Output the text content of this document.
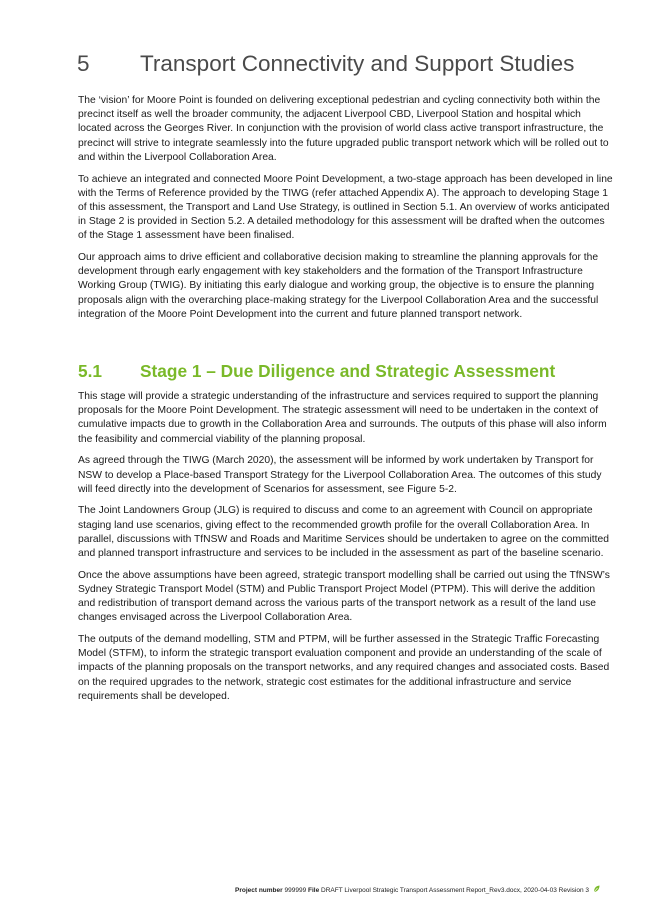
5 Transport Connectivity and Support Studies

The ‘vision’ for Moore Point is founded on delivering exceptional pedestrian and cycling connectivity both within the precinct itself as well the broader community, the adjacent Liverpool CBD, Liverpool Station and hospital which located across the Georges River. In conjunction with the provision of world class active transport infrastructure, the precinct will strive to integrate seamlessly into the future upgraded public transport network which will be rolled out to and within the Liverpool Collaboration Area.

To achieve an integrated and connected Moore Point Development, a two-stage approach has been developed in line with the Terms of Reference provided by the TIWG (refer attached Appendix A). The approach to developing Stage 1 of this assessment, the Transport and Land Use Strategy, is outlined in Section 5.1. An overview of works anticipated in Stage 2 is provided in Section 5.2. A detailed methodology for this assessment will be drafted when the outcomes of the Stage 1 assessment have been finalised.

Our approach aims to drive efficient and collaborative decision making to streamline the planning approvals for the development through early engagement with key stakeholders and the formation of the Transport Infrastructure Working Group (TWIG). By initiating this early dialogue and working group, the objective is to ensure the planning proposals align with the overarching place-making strategy for the Liverpool Collaboration Area and the successful integration of the Moore Point Development into the current and future planned transport network.

5.1 Stage 1 – Due Diligence and Strategic Assessment

This stage will provide a strategic understanding of the infrastructure and services required to support the planning proposals for the Moore Point Development. The strategic assessment will need to be undertaken in the context of cumulative impacts due to growth in the Collaboration Area and surrounds. The outputs of this phase will also inform the feasibility and commercial viability of the planning proposal.

As agreed through the TIWG (March 2020), the assessment will be informed by work undertaken by Transport for NSW to develop a Place-based Transport Strategy for the Liverpool Collaboration Area. The outcomes of this study will feed directly into the development of Scenarios for assessment, see Figure 5-2.

The Joint Landowners Group (JLG) is required to discuss and come to an agreement with Council on appropriate staging land use scenarios, giving effect to the recommended growth profile for the overall Collaboration Area. In parallel, discussions with TfNSW and Roads and Maritime Services should be undertaken to agree on the committed and planned transport infrastructure and services to be included in the assessment as part of the baseline scenario.

Once the above assumptions have been agreed, strategic transport modelling shall be carried out using the TfNSW’s Sydney Strategic Transport Model (STM) and Public Transport Project Model (PTPM). This will derive the addition and redistribution of transport demand across the various parts of the transport network as a result of the land use changes envisaged across the Liverpool Collaboration Area.

The outputs of the demand modelling, STM and PTPM, will be further assessed in the Strategic Traffic Forecasting Model (STFM), to inform the strategic transport evaluation component and provide an understanding of the scale of impacts of the planning proposals on the transport networks, and any required changes and associated costs. Based on the required upgrades to the network, strategic cost estimates for the additional infrastructure and service requirements shall be developed.

Project number 999999 File DRAFT Liverpool Strategic Transport Assessment Report_Rev3.docx, 2020-04-03 Revision 3
